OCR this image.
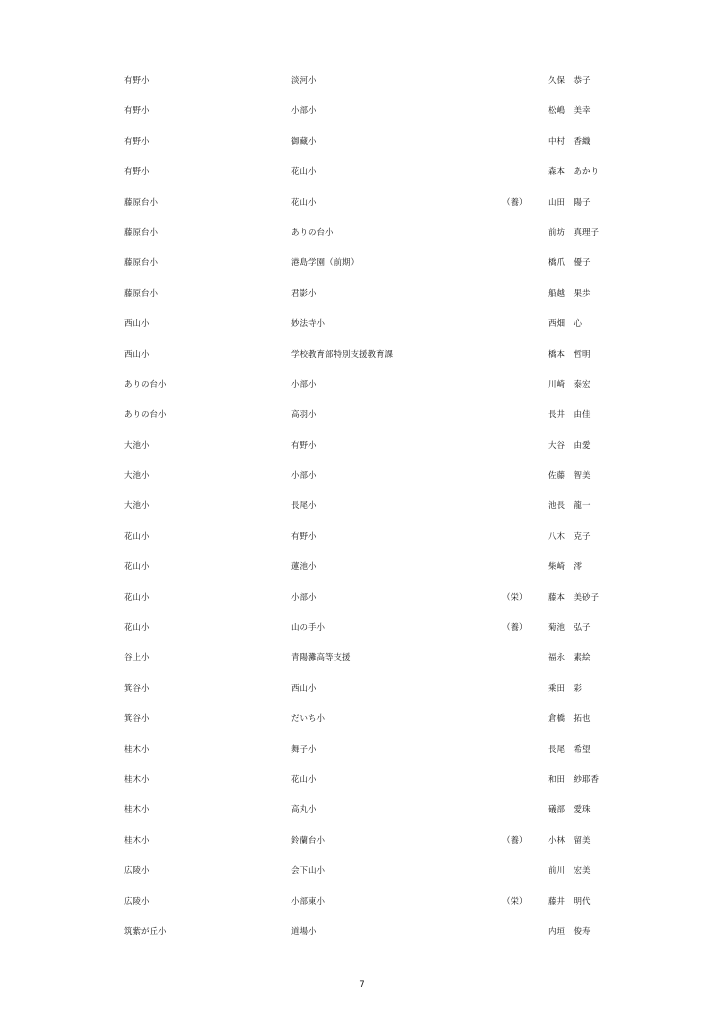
有野小	淡河小	久保　恭子
有野小	小部小	松嶋　美幸
有野小	御藏小	中村　香織
有野小	花山小	森本　あかり
藤原台小	花山小	（養） 山田　陽子
藤原台小	ありの台小	前坊　真理子
藤原台小	港島学園（前期）	橋爪　優子
藤原台小	君影小	船越　果歩
西山小	妙法寺小	西畑　心
西山小	学校教育部特別支援教育課	橋本　哲明
ありの台小	小部小	川崎　泰宏
ありの台小	高羽小	長井　由佳
大池小	有野小	大谷　由愛
大池小	小部小	佐藤　智美
大池小	長尾小	池長　龍一
花山小	有野小	八木　克子
花山小	蓮池小	柴崎　澪
花山小	小部小	（栄） 藤本　美砂子
花山小	山の手小	（養） 菊池　弘子
谷上小	青陽灘高等支援	福永　素絵
箕谷小	西山小	乘田　彩
箕谷小	だいち小	倉橋　拓也
桂木小	舞子小	長尾　希望
桂木小	花山小	和田　紗耶香
桂木小	高丸小	礒部　愛珠
桂木小	鈴蘭台小	（養） 小林　留美
広陵小	会下山小	前川　宏美
広陵小	小部東小	（栄） 藤井　明代
筑紫が丘小	道場小	内垣　俊寿
7
